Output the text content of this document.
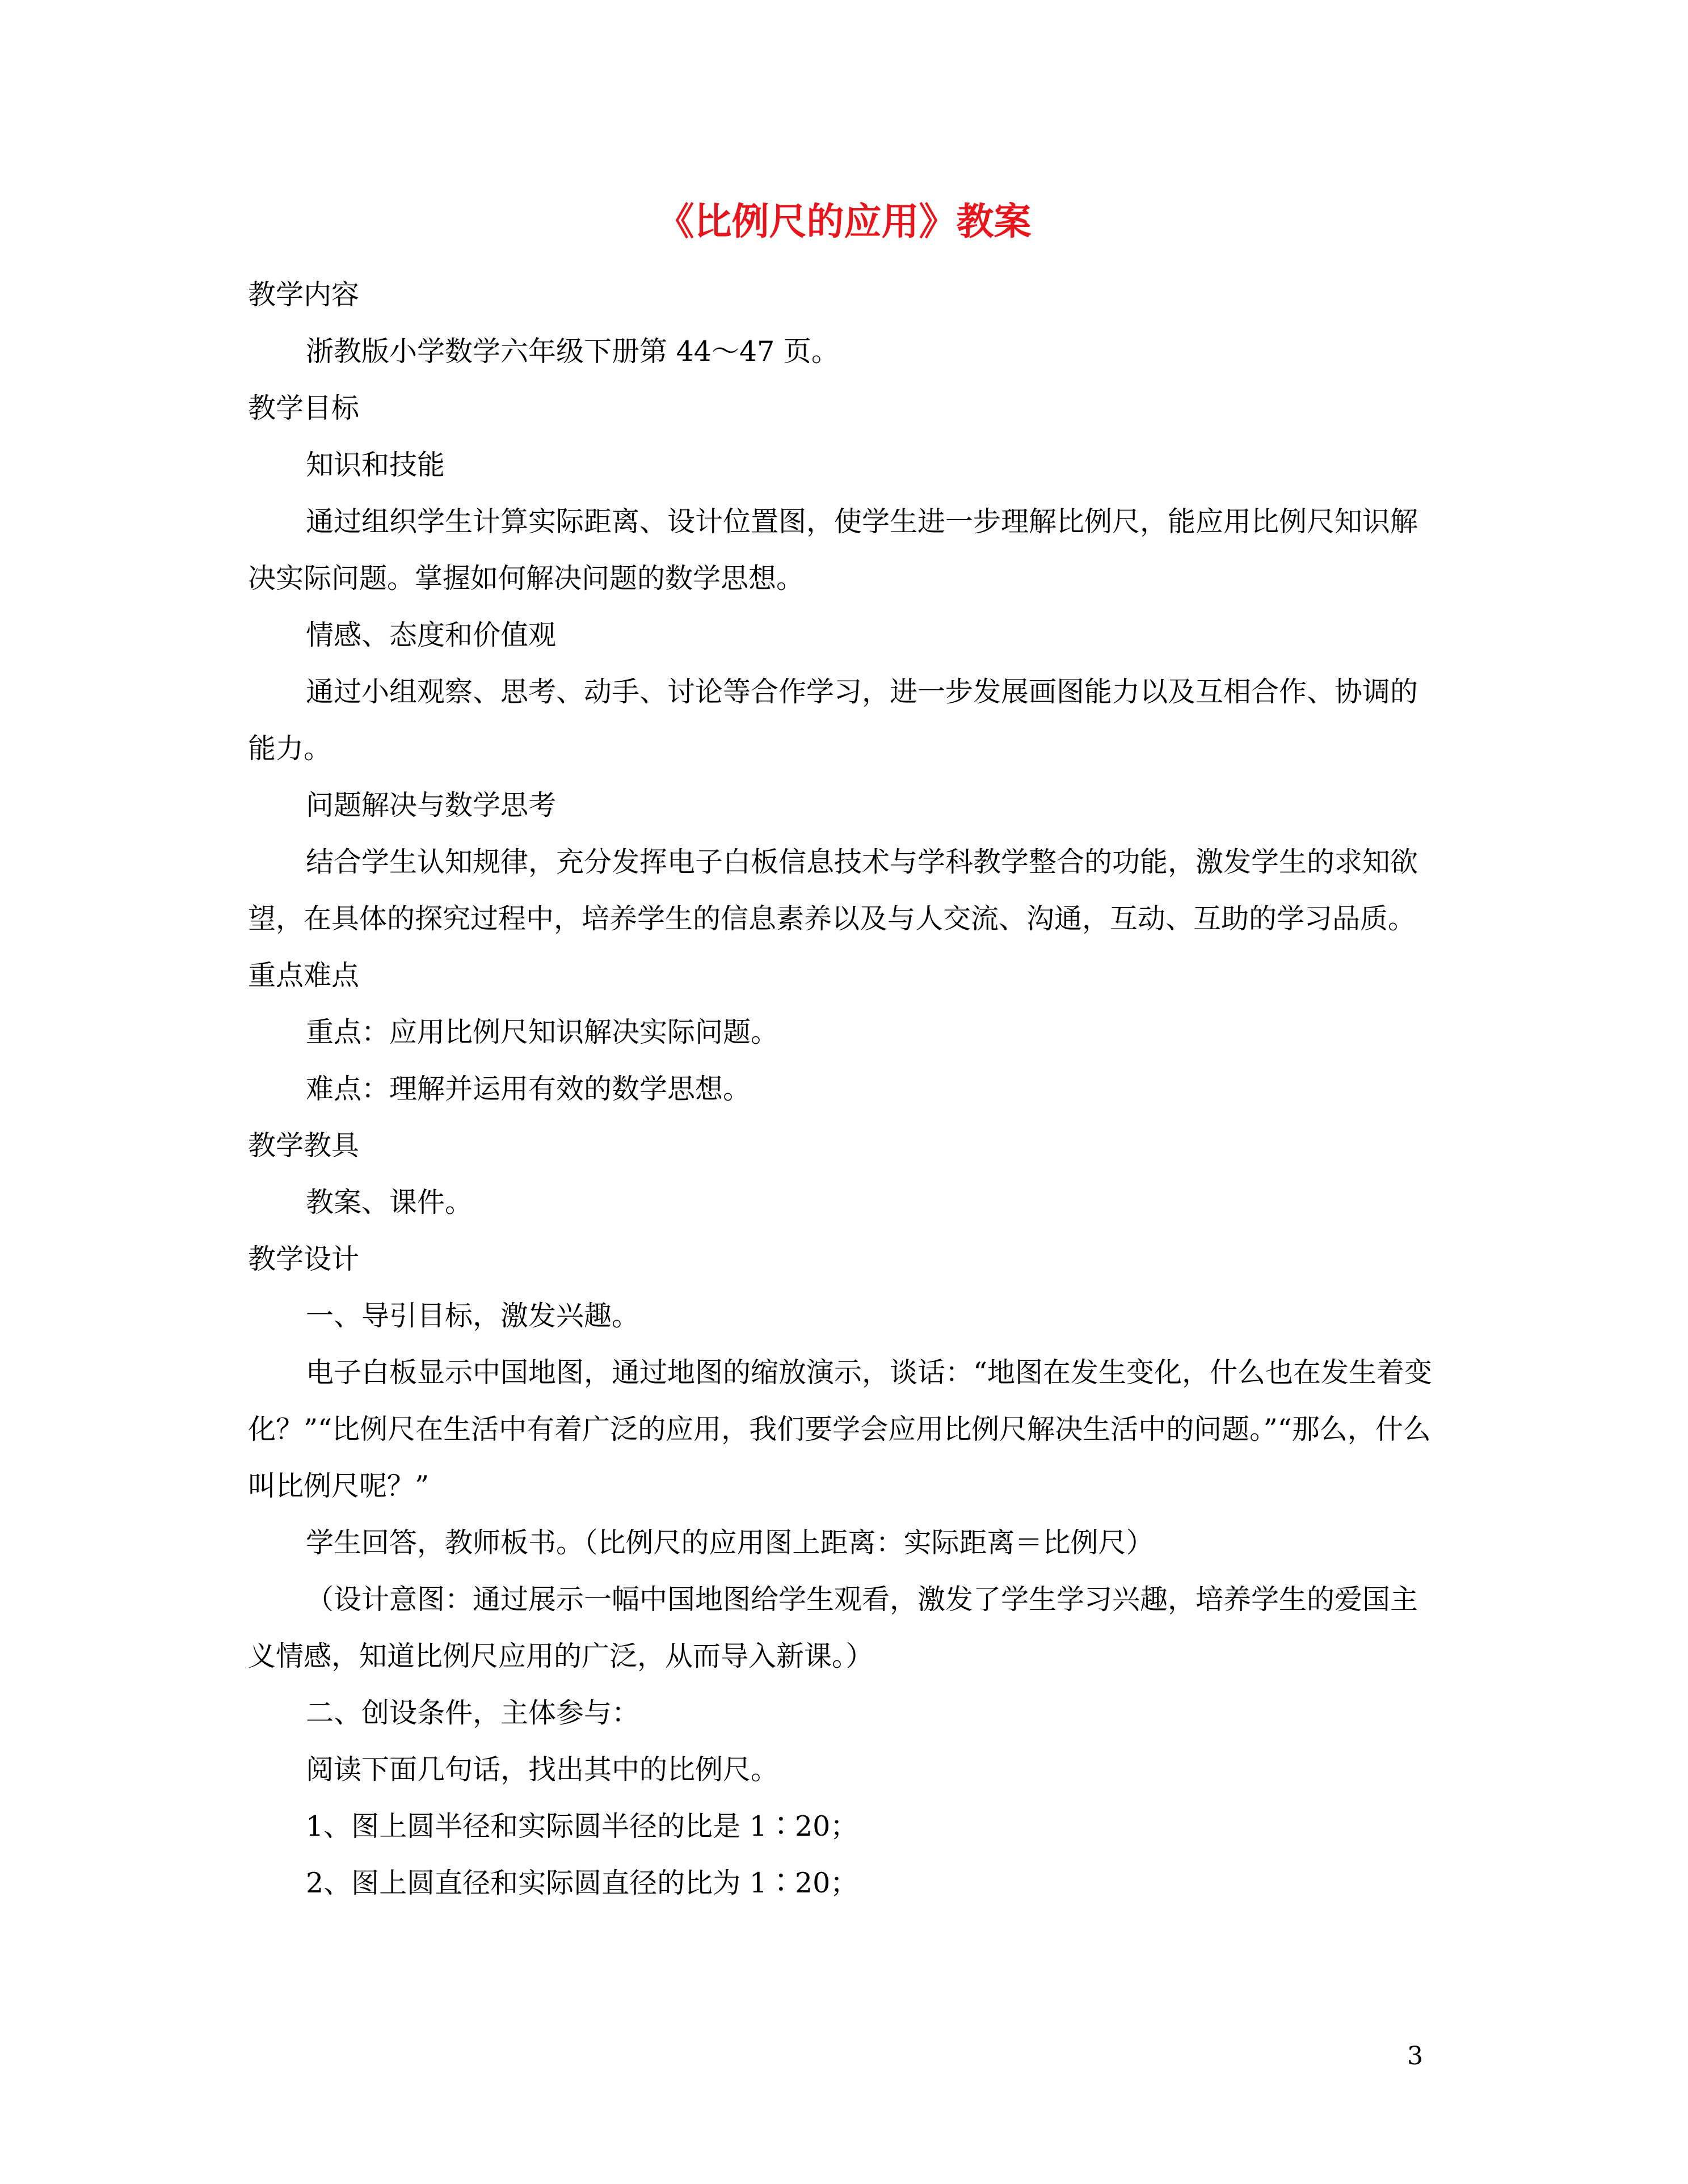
《比例尺的应用》教案

教学内容

浙教版小学数学六年级下册第 44～47 页。

教学目标

知识和技能

通过组织学生计算实际距离、设计位置图，使学生进一步理解比例尺，能应用比例尺知识解决实际问题。掌握如何解决问题的数学思想。

情感、态度和价值观

通过小组观察、思考、动手、讨论等合作学习，进一步发展画图能力以及互相合作、协调的能力。

问题解决与数学思考

结合学生认知规律，充分发挥电子白板信息技术与学科教学整合的功能，激发学生的求知欲望，在具体的探究过程中，培养学生的信息素养以及与人交流、沟通，互动、互助的学习品质。

重点难点

重点：应用比例尺知识解决实际问题。

难点：理解并运用有效的数学思想。

教学教具

教案、课件。

教学设计

一、导引目标，激发兴趣。

电子白板显示中国地图，通过地图的缩放演示，谈话：“地图在发生变化，什么也在发生着变化？”“比例尺在生活中有着广泛的应用，我们要学会应用比例尺解决生活中的问题。”“那么，什么叫比例尺呢？”

学生回答，教师板书。（比例尺的应用图上距离：实际距离＝比例尺）

（设计意图：通过展示一幅中国地图给学生观看，激发了学生学习兴趣，培养学生的爱国主义情感，知道比例尺应用的广泛，从而导入新课。）

二、创设条件，主体参与：

阅读下面几句话，找出其中的比例尺。

1、图上圆半径和实际圆半径的比是 1∶20；

2、图上圆直径和实际圆直径的比为 1∶20；

3
